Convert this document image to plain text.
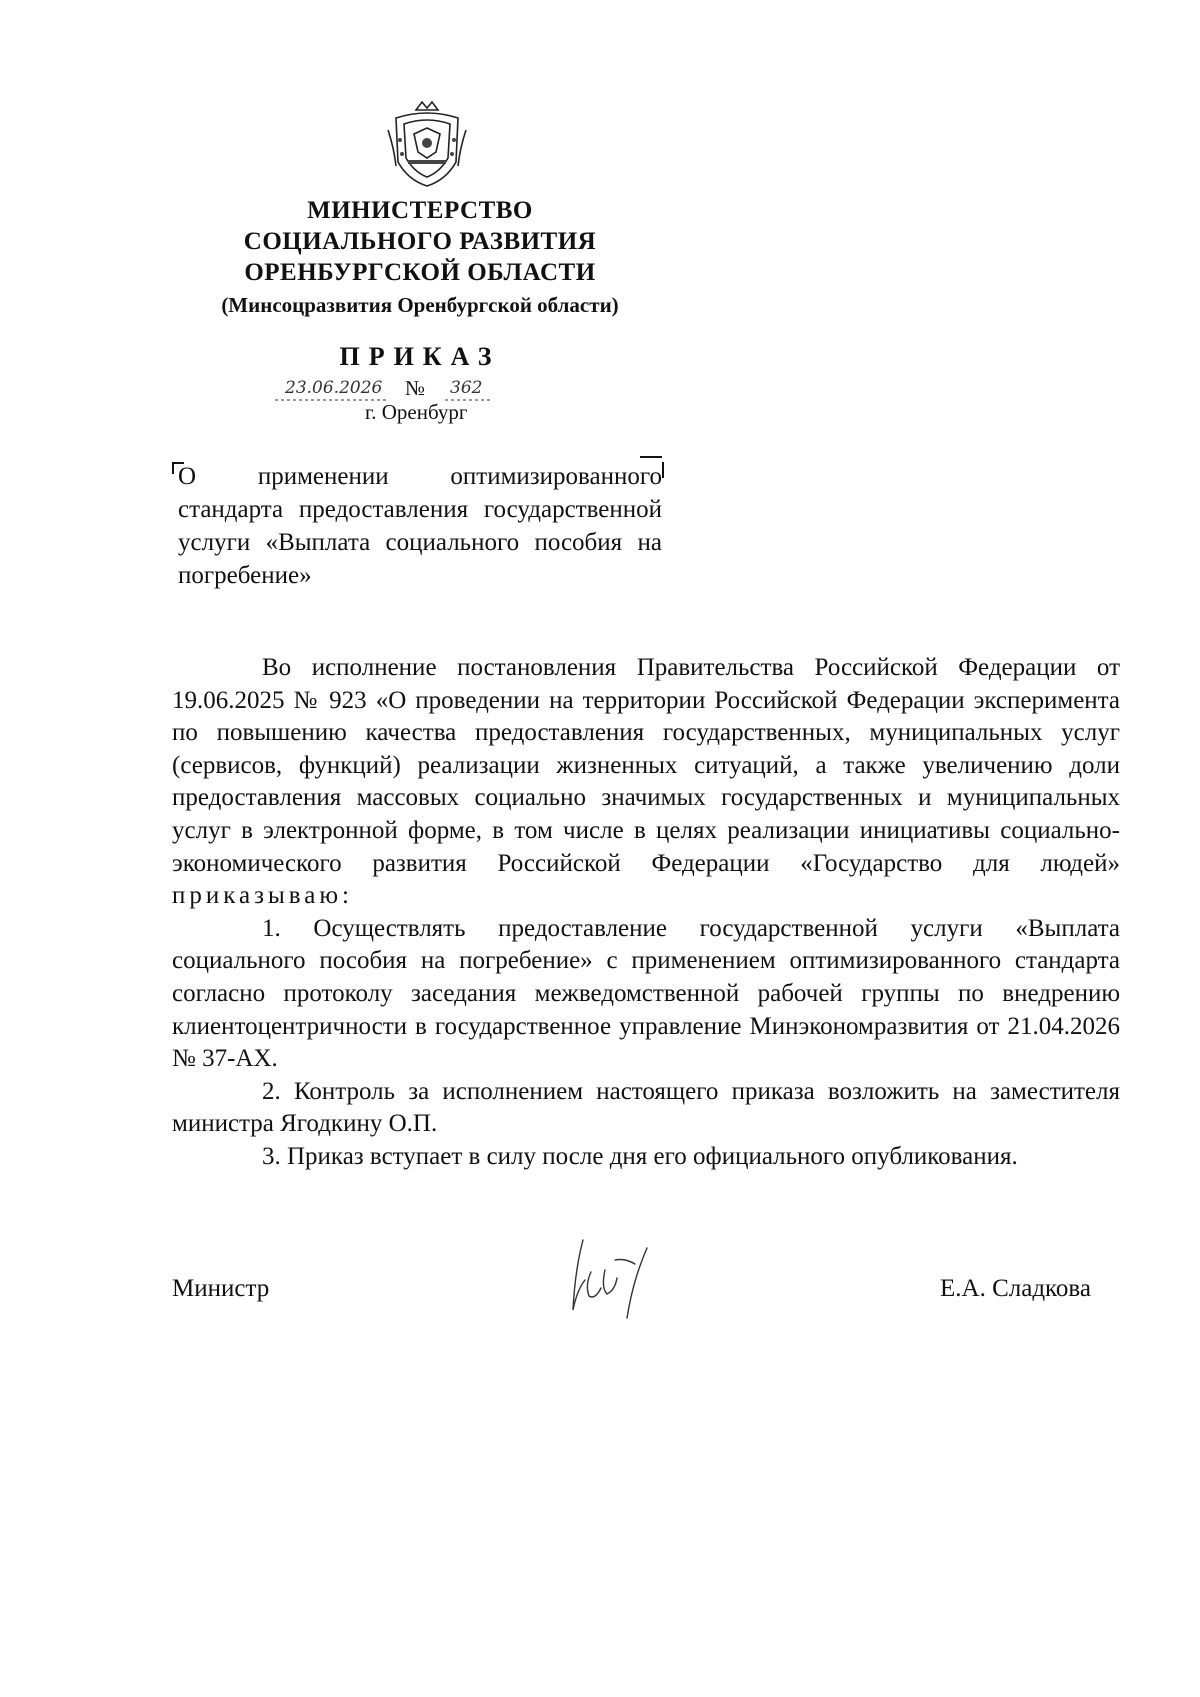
МИНИСТЕРСТВО
СОЦИАЛЬНОГО РАЗВИТИЯ
ОРЕНБУРГСКОЙ ОБЛАСТИ
(Минсоцразвития Оренбургской области)
ПРИКАЗ
23.06.2026 № 362
г. Оренбург
О применении оптимизированного стандарта предоставления государственной услуги «Выплата социального пособия на погребение»

Во исполнение постановления Правительства Российской Федерации от 19.06.2025 № 923 «О проведении на территории Российской Федерации эксперимента по повышению качества предоставления государственных, муниципальных услуг (сервисов, функций) реализации жизненных ситуаций, а также увеличению доли предоставления массовых социально значимых государственных и муниципальных услуг в электронной форме, в том числе в целях реализации инициативы социально-экономического развития Российской Федерации «Государство для людей» приказываю:

1. Осуществлять предоставление государственной услуги «Выплата социального пособия на погребение» с применением оптимизированного стандарта согласно протоколу заседания межведомственной рабочей группы по внедрению клиентоцентричности в государственное управление Минэкономразвития от 21.04.2026 № 37-АХ.

2. Контроль за исполнением настоящего приказа возложить на заместителя министра Ягодкину О.П.

3. Приказ вступает в силу после дня его официального опубликования.

Министр	Е.А. Сладкова
